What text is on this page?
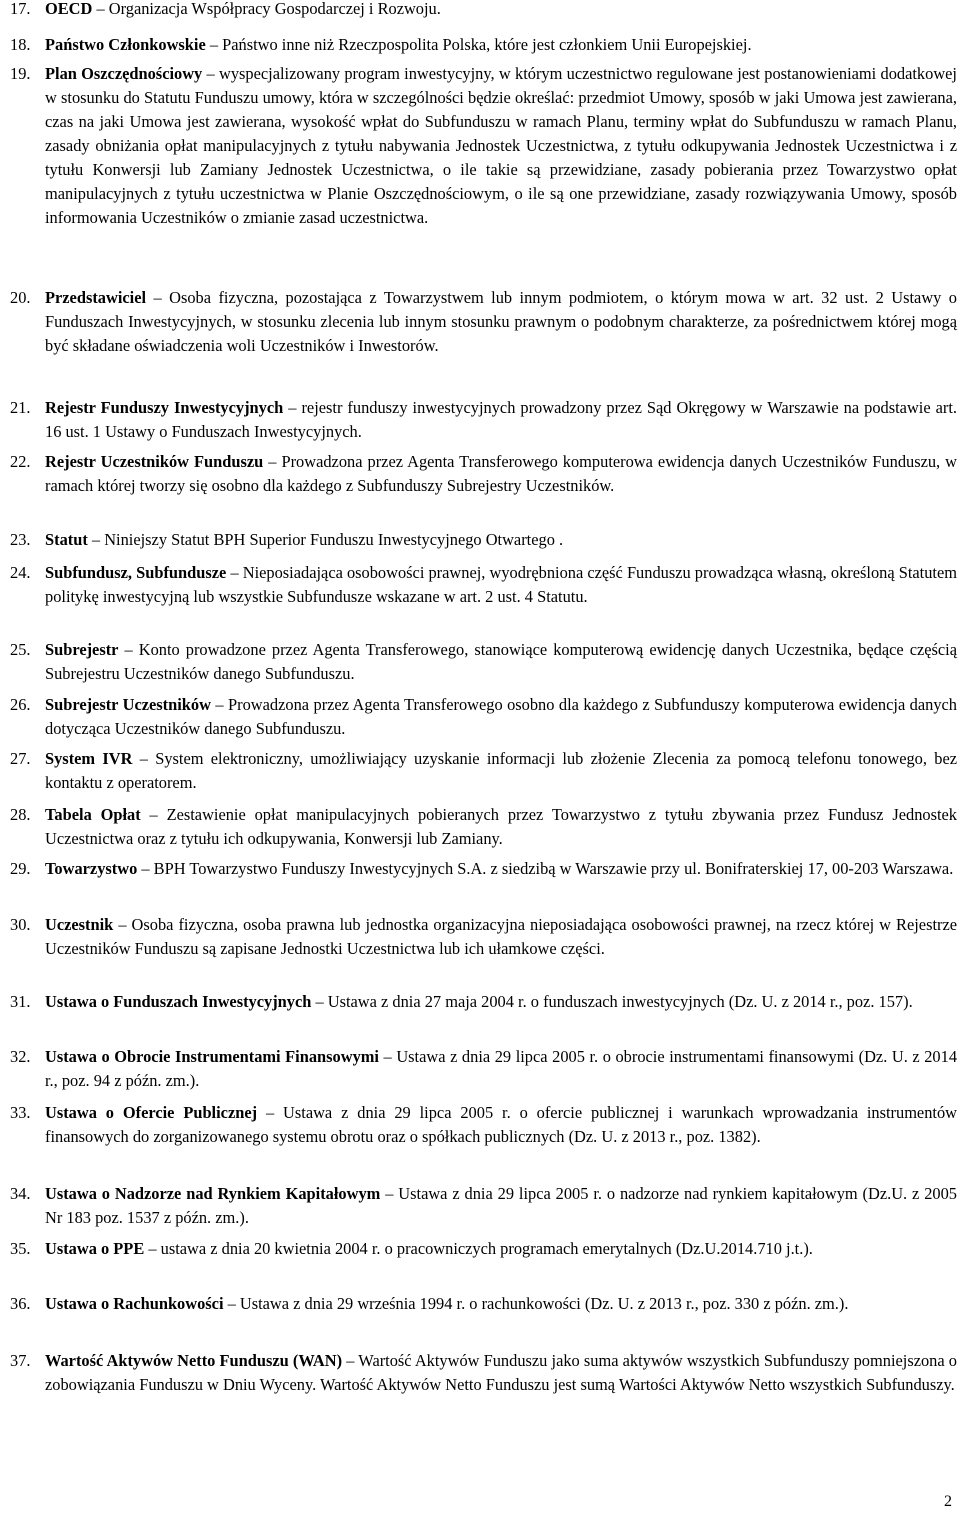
17. OECD – Organizacja Współpracy Gospodarczej i Rozwoju.
18. Państwo Członkowskie – Państwo inne niż Rzeczpospolita Polska, które jest członkiem Unii Europejskiej.
19. Plan Oszczędnościowy – wyspecjalizowany program inwestycyjny, w którym uczestnictwo regulowane jest postanowieniami dodatkowej w stosunku do Statutu Funduszu umowy, która w szczególności będzie określać: przedmiot Umowy, sposób w jaki Umowa jest zawierana, czas na jaki Umowa jest zawierana, wysokość wpłat do Subfunduszu w ramach Planu, terminy wpłat do Subfunduszu w ramach Planu, zasady obniżania opłat manipulacyjnych z tytułu nabywania Jednostek Uczestnictwa, z tytułu odkupywania Jednostek Uczestnictwa i z tytułu Konwersji lub Zamiany Jednostek Uczestnictwa, o ile takie są przewidziane, zasady pobierania przez Towarzystwo opłat manipulacyjnych z tytułu uczestnictwa w Planie Oszczędnościowym, o ile są one przewidziane, zasady rozwiązywania Umowy, sposób informowania Uczestników o zmianie zasad uczestnictwa.
20. Przedstawiciel – Osoba fizyczna, pozostająca z Towarzystwem lub innym podmiotem, o którym mowa w art. 32 ust. 2 Ustawy o Funduszach Inwestycyjnych, w stosunku zlecenia lub innym stosunku prawnym o podobnym charakterze, za pośrednictwem której mogą być składane oświadczenia woli Uczestników i Inwestorów.
21. Rejestr Funduszy Inwestycyjnych – rejestr funduszy inwestycyjnych prowadzony przez Sąd Okręgowy w Warszawie na podstawie art. 16 ust. 1 Ustawy o Funduszach Inwestycyjnych.
22. Rejestr Uczestników Funduszu – Prowadzona przez Agenta Transferowego komputerowa ewidencja danych Uczestników Funduszu, w ramach której tworzy się osobno dla każdego z Subfunduszy Subrejestry Uczestników.
23. Statut – Niniejszy Statut BPH Superior Funduszu Inwestycyjnego Otwartego .
24. Subfundusz, Subfundusze – Nieposiadająca osobowości prawnej, wyodrębniona część Funduszu prowadząca własną, określoną Statutem politykę inwestycyjną lub wszystkie Subfundusze wskazane w art. 2 ust. 4 Statutu.
25. Subrejestr – Konto prowadzone przez Agenta Transferowego, stanowiące komputerową ewidencję danych Uczestnika, będące częścią Subrejestru Uczestników danego Subfunduszu.
26. Subrejestr Uczestników – Prowadzona przez Agenta Transferowego osobno dla każdego z Subfunduszy komputerowa ewidencja danych dotycząca Uczestników danego Subfunduszu.
27. System IVR – System elektroniczny, umożliwiający uzyskanie informacji lub złożenie Zlecenia za pomocą telefonu tonowego, bez kontaktu z operatorem.
28. Tabela Opłat – Zestawienie opłat manipulacyjnych pobieranych przez Towarzystwo z tytułu zbywania przez Fundusz Jednostek Uczestnictwa oraz z tytułu ich odkupywania, Konwersji lub Zamiany.
29. Towarzystwo – BPH Towarzystwo Funduszy Inwestycyjnych S.A. z siedzibą w Warszawie przy ul. Bonifraterskiej 17, 00-203 Warszawa.
30. Uczestnik – Osoba fizyczna, osoba prawna lub jednostka organizacyjna nieposiadająca osobowości prawnej, na rzecz której w Rejestrze Uczestników Funduszu są zapisane Jednostki Uczestnictwa lub ich ułamkowe części.
31. Ustawa o Funduszach Inwestycyjnych – Ustawa z dnia 27 maja 2004 r. o funduszach inwestycyjnych (Dz. U. z 2014 r., poz. 157).
32. Ustawa o Obrocie Instrumentami Finansowymi – Ustawa z dnia 29 lipca 2005 r. o obrocie instrumentami finansowymi (Dz. U. z 2014 r., poz. 94 z późn. zm.).
33. Ustawa o Ofercie Publicznej – Ustawa z dnia 29 lipca 2005 r. o ofercie publicznej i warunkach wprowadzania instrumentów finansowych do zorganizowanego systemu obrotu oraz o spółkach publicznych (Dz. U. z 2013 r., poz. 1382).
34. Ustawa o Nadzorze nad Rynkiem Kapitałowym – Ustawa z dnia 29 lipca 2005 r. o nadzorze nad rynkiem kapitałowym (Dz.U. z 2005 Nr 183 poz. 1537 z późn. zm.).
35. Ustawa o PPE – ustawa z dnia 20 kwietnia 2004 r. o pracowniczych programach emerytalnych (Dz.U.2014.710 j.t.).
36. Ustawa o Rachunkowości – Ustawa z dnia 29 września 1994 r. o rachunkowości (Dz. U. z 2013 r., poz. 330 z późn. zm.).
37. Wartość Aktywów Netto Funduszu (WAN) – Wartość Aktywów Funduszu jako suma aktywów wszystkich Subfunduszy pomniejszona o zobowiązania Funduszu w Dniu Wyceny. Wartość Aktywów Netto Funduszu jest sumą Wartości Aktywów Netto wszystkich Subfunduszy.
2
